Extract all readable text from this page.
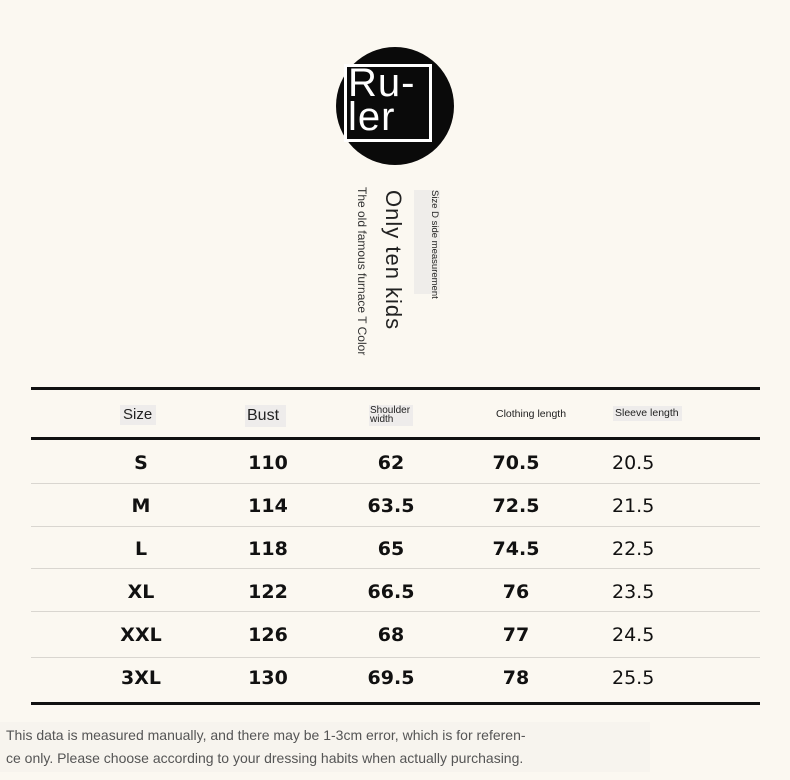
Ru-
ler
The old famous furnace T Color Only ten kids	Size D side measurement
Size	Bust	Shoulder width	Clothing length	Sleeve length
S	110	62	70.5	20.5
M	114	63.5	72.5	21.5
L	118	65	74.5	22.5
XL	122	66.5	76	23.5
XXL	126	68	77	24.5
3XL	130	69.5	78	25.5
This data is measured manually, and there may be 1-3cm error, which is for referen-
ce only. Please choose according to your dressing habits when actually purchasing.
